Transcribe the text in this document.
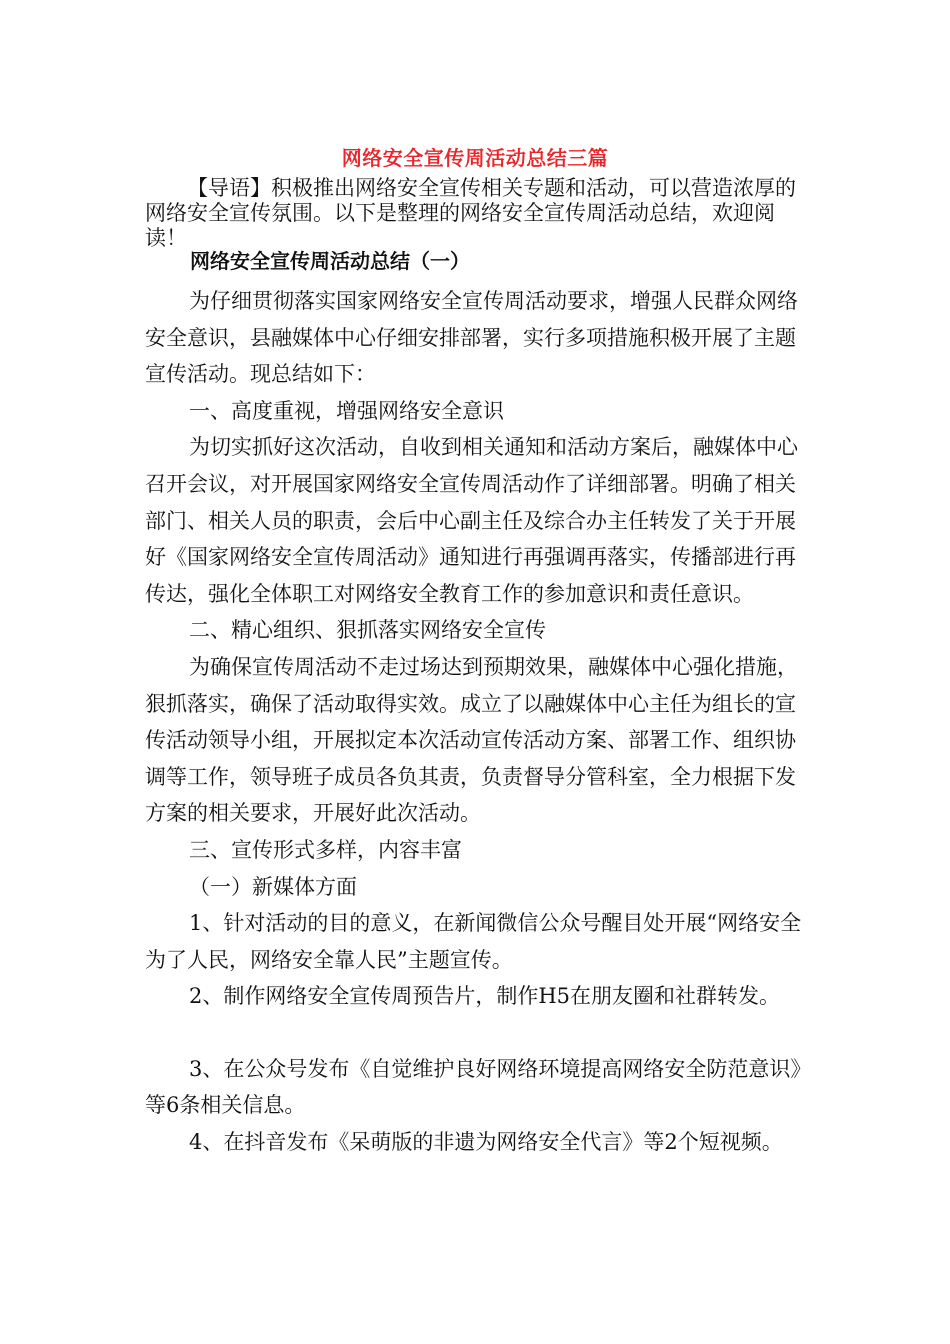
网络安全宣传周活动总结三篇

【导语】积极推出网络安全宣传相关专题和活动，可以营造浓厚的网络安全宣传氛围。以下是整理的网络安全宣传周活动总结，欢迎阅读！

网络安全宣传周活动总结（一）

为仔细贯彻落实国家网络安全宣传周活动要求，增强人民群众网络安全意识，县融媒体中心仔细安排部署，实行多项措施积极开展了主题宣传活动。现总结如下：

一、高度重视，增强网络安全意识

为切实抓好这次活动，自收到相关通知和活动方案后，融媒体中心召开会议，对开展国家网络安全宣传周活动作了详细部署。明确了相关部门、相关人员的职责，会后中心副主任及综合办主任转发了关于开展好《国家网络安全宣传周活动》通知进行再强调再落实，传播部进行再传达，强化全体职工对网络安全教育工作的参加意识和责任意识。

二、精心组织、狠抓落实网络安全宣传

为确保宣传周活动不走过场达到预期效果，融媒体中心强化措施，狠抓落实，确保了活动取得实效。成立了以融媒体中心主任为组长的宣传活动领导小组，开展拟定本次活动宣传活动方案、部署工作、组织协调等工作，领导班子成员各负其责，负责督导分管科室，全力根据下发方案的相关要求，开展好此次活动。

三、宣传形式多样，内容丰富

（一）新媒体方面

1、针对活动的目的意义，在新闻微信公众号醒目处开展“网络安全为了人民，网络安全靠人民”主题宣传。

2、制作网络安全宣传周预告片，制作H5在朋友圈和社群转发。

3、在公众号发布《自觉维护良好网络环境提高网络安全防范意识》等6条相关信息。

4、在抖音发布《呆萌版的非遗为网络安全代言》等2个短视频。
